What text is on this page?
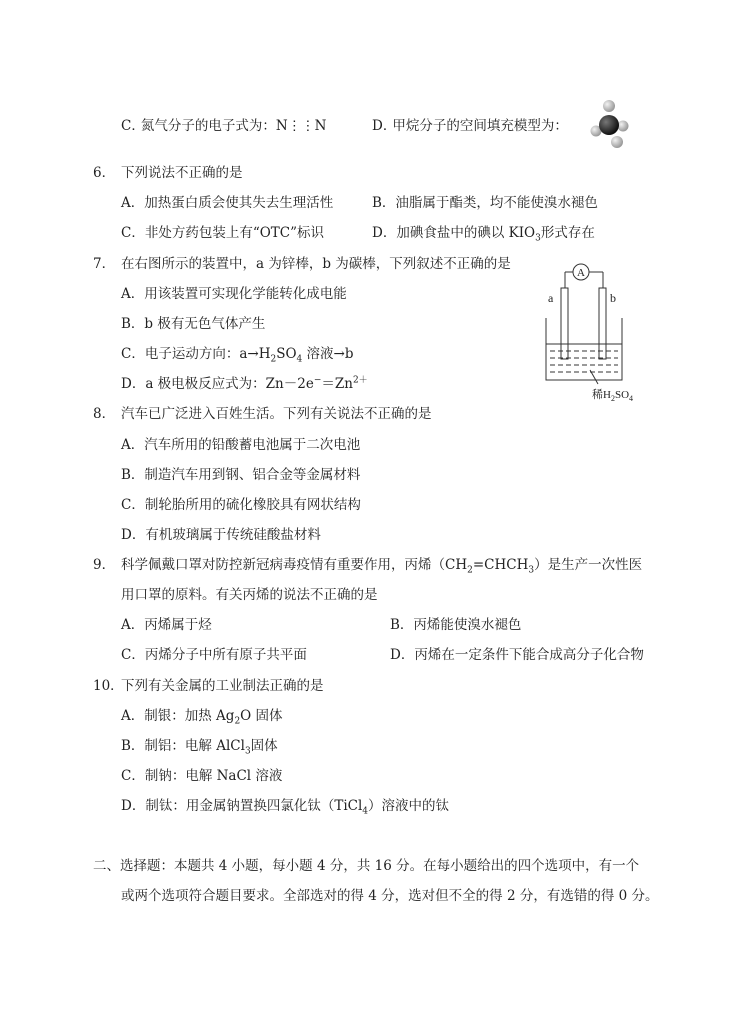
C．氮气分子的电子式为：N⋮⋮N	D．甲烷分子的空间填充模型为：
6． 下列说法不正确的是
A．加热蛋白质会使其失去生理活性	B．油脂属于酯类，均不能使溴水褪色
C．非处方药包装上有“OTC”标识	D．加碘食盐中的碘以 $KIO_3$形式存在
7． 在右图所示的装置中，a 为锌棒，b 为碳棒，下列叙述不正确的是
A．用该装置可实现化学能转化成电能
B．b 极有无色气体产生
C．电子运动方向：$a\to H_2SO_4$ 溶液→b
D．a 极电极反应式为：$Zn-2e^-=Zn^{2+}$
A
a	b
稀$H_2SO_4$
8． 汽车已广泛进入百姓生活。下列有关说法不正确的是
A．汽车所用的铅酸蓄电池属于二次电池
B．制造汽车用到钢、铝合金等金属材料
C．制轮胎所用的硫化橡胶具有网状结构
D．有机玻璃属于传统硅酸盐材料
9． 科学佩戴口罩对防控新冠病毒疫情有重要作用，丙烯$(CH_2=CHCH_3)$是生产一次性医
用口罩的原料。有关丙烯的说法不正确的是
A．丙烯属于烃	B．丙烯能使溴水褪色
C．丙烯分子中所有原子共平面	D．丙烯在一定条件下能合成高分子化合物
10．
下列有关金属的工业制法正确的是
A．制银：加热 $Ag_2O$ 固体
B．制铝：电解 AlCl$_3$固体
C．制钠：电解 NaCl 溶液
D．制钛：用金属钠置换四氯化钛（TiCl$_4$）溶液中的钛
二、选择题：本题共 4 小题，每小题 4 分，共 16 分。在每小题给出的四个选项中，有一个
或两个选项符合题目要求。全部选对的得 4 分，选对但不全的得 2 分，有选错的得 0 分。
